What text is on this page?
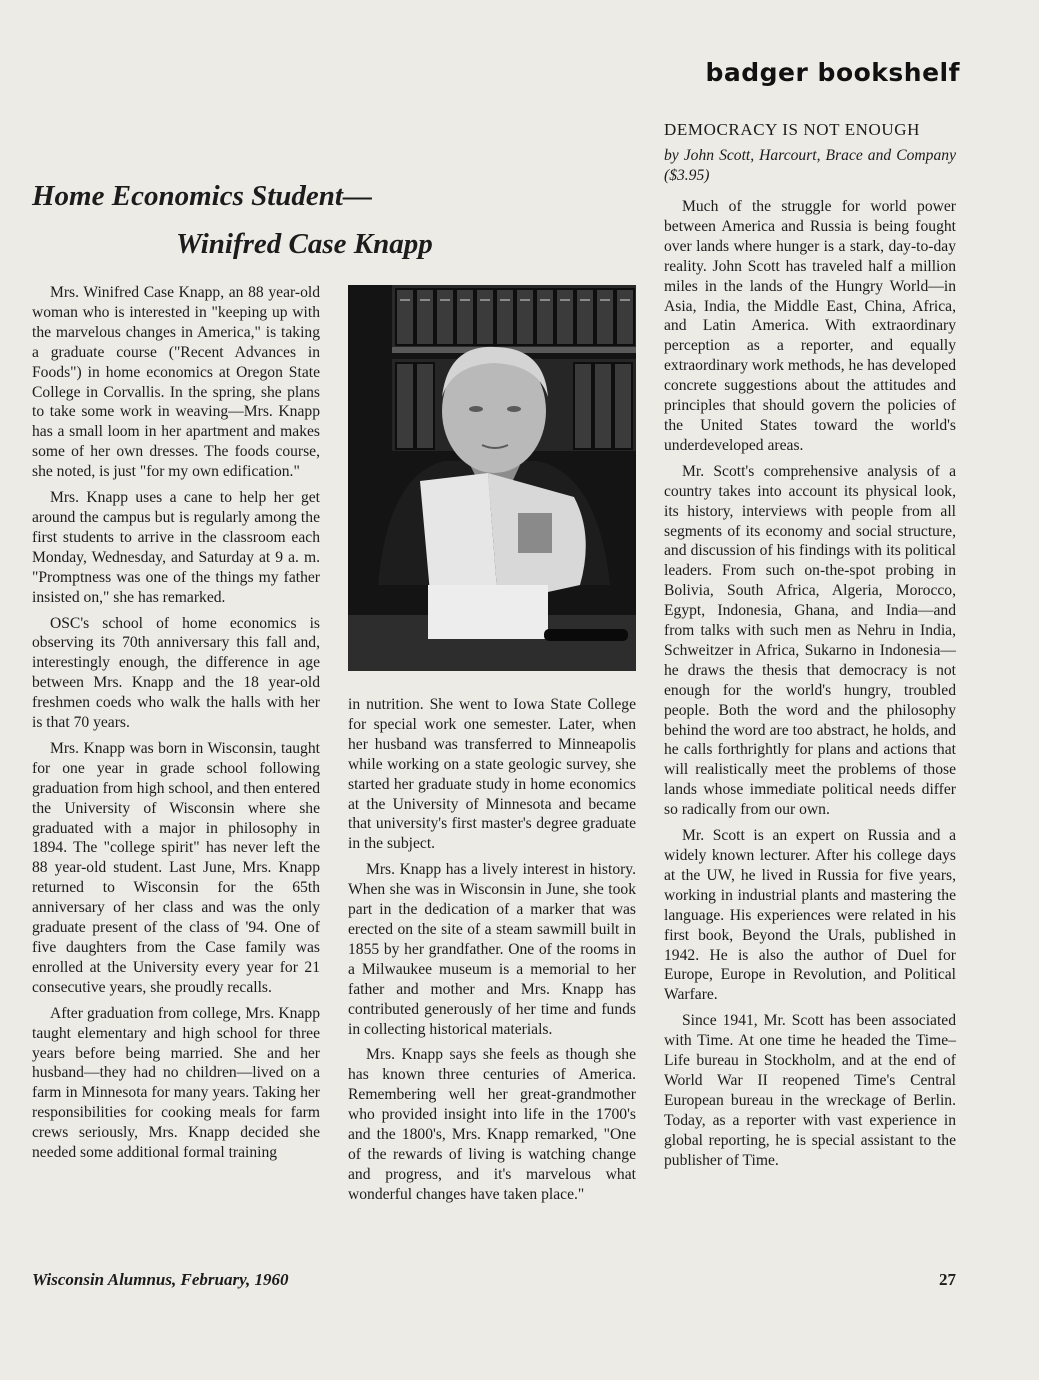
badger bookshelf
DEMOCRACY IS NOT ENOUGH
by John Scott, Harcourt, Brace and Company ($3.95)
Home Economics Student—
Winifred Case Knapp

Mrs. Winifred Case Knapp, an 88 year-old woman who is interested in "keeping up with the marvelous changes in America," is taking a graduate course ("Recent Advances in Foods") in home economics at Oregon State College in Corvallis. In the spring, she plans to take some work in weaving—Mrs. Knapp has a small loom in her apartment and makes some of her own dresses. The foods course, she noted, is just "for my own edification."

Mrs. Knapp uses a cane to help her get around the campus but is regularly among the first students to arrive in the classroom each Monday, Wednesday, and Saturday at 9 a. m. "Promptness was one of the things my father insisted on," she has remarked.

OSC's school of home economics is observing its 70th anniversary this fall and, interestingly enough, the difference in age between Mrs. Knapp and the 18 year-old freshmen coeds who walk the halls with her is that 70 years.

Mrs. Knapp was born in Wisconsin, taught for one year in grade school following graduation from high school, and then entered the University of Wisconsin where she graduated with a major in philosophy in 1894. The "college spirit" has never left the 88 year-old student. Last June, Mrs. Knapp returned to Wisconsin for the 65th anniversary of her class and was the only graduate present of the class of '94. One of five daughters from the Case family was enrolled at the University every year for 21 consecutive years, she proudly recalls.

After graduation from college, Mrs. Knapp taught elementary and high school for three years before being married. She and her husband—they had no children—lived on a farm in Minnesota for many years. Taking her responsibilities for cooking meals for farm crews seriously, Mrs. Knapp decided she needed some additional formal training

in nutrition. She went to Iowa State College for special work one semester. Later, when her husband was transferred to Minneapolis while working on a state geologic survey, she started her graduate study in home economics at the University of Minnesota and became that university's first master's degree graduate in the subject.

Mrs. Knapp has a lively interest in history. When she was in Wisconsin in June, she took part in the dedication of a marker that was erected on the site of a steam sawmill built in 1855 by her grandfather. One of the rooms in a Milwaukee museum is a memorial to her father and mother and Mrs. Knapp has contributed generously of her time and funds in collecting historical materials.

Mrs. Knapp says she feels as though she has known three centuries of America. Remembering well her great-grandmother who provided insight into life in the 1700's and the 1800's, Mrs. Knapp remarked, "One of the rewards of living is watching change and progress, and it's marvelous what wonderful changes have taken place."

Much of the struggle for world power between America and Russia is being fought over lands where hunger is a stark, day-to-day reality. John Scott has traveled half a million miles in the lands of the Hungry World—in Asia, India, the Middle East, China, Africa, and Latin America. With extraordinary perception as a reporter, and equally extraordinary work methods, he has developed concrete suggestions about the attitudes and principles that should govern the policies of the United States toward the world's underdeveloped areas.

Mr. Scott's comprehensive analysis of a country takes into account its physical look, its history, interviews with people from all segments of its economy and social structure, and discussion of his findings with its political leaders. From such on-the-spot probing in Bolivia, South Africa, Algeria, Morocco, Egypt, Indonesia, Ghana, and India—and from talks with such men as Nehru in India, Schweitzer in Africa, Sukarno in Indonesia—he draws the thesis that democracy is not enough for the world's hungry, troubled people. Both the word and the philosophy behind the word are too abstract, he holds, and he calls forthrightly for plans and actions that will realistically meet the problems of those lands whose immediate political needs differ so radically from our own.

Mr. Scott is an expert on Russia and a widely known lecturer. After his college days at the UW, he lived in Russia for five years, working in industrial plants and mastering the language. His experiences were related in his first book, Beyond the Urals, published in 1942. He is also the author of Duel for Europe, Europe in Revolution, and Political Warfare.

Since 1941, Mr. Scott has been associated with Time. At one time he headed the Time–Life bureau in Stockholm, and at the end of World War II reopened Time's Central European bureau in the wreckage of Berlin. Today, as a reporter with vast experience in global reporting, he is special assistant to the publisher of Time.

Wisconsin Alumnus, February, 1960	27
